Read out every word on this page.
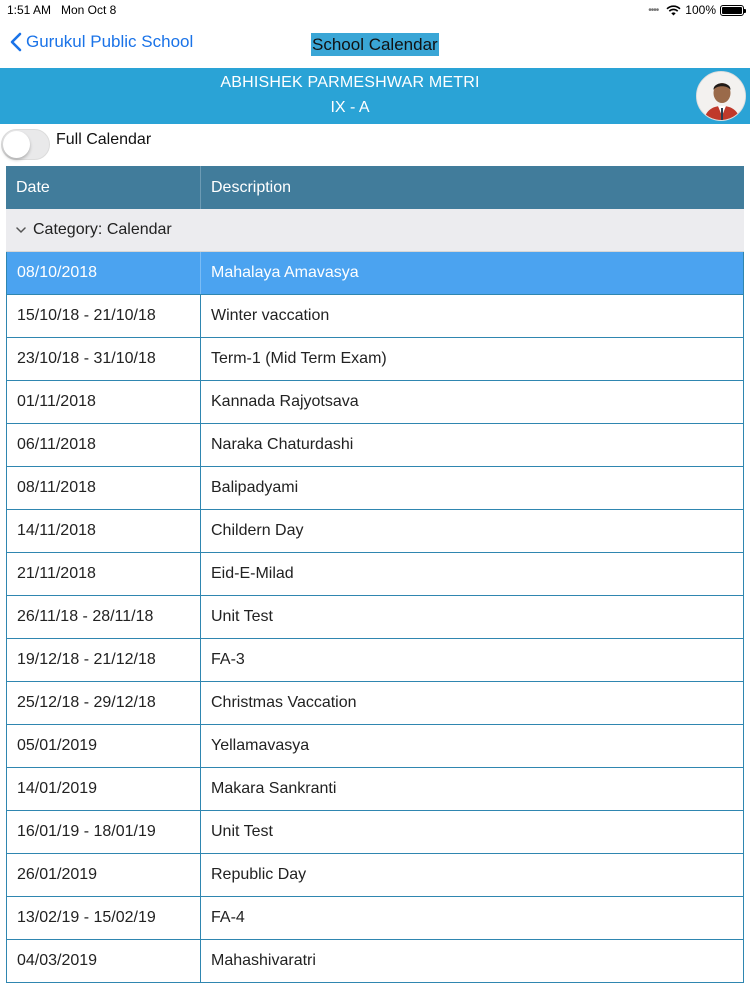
1:51 AM Mon Oct 8	•••• 100%
Gurukul Public School	School Calendar
ABHISHEK PARMESHWAR METRI
IX - A
Full Calendar
Date	Description
Category: Calendar
08/10/2018	Mahalaya Amavasya
15/10/18 - 21/10/18	Winter vaccation
23/10/18 - 31/10/18	Term-1 (Mid Term Exam)
01/11/2018	Kannada Rajyotsava
06/11/2018	Naraka Chaturdashi
08/11/2018	Balipadyami
14/11/2018	Childern Day
21/11/2018	Eid-E-Milad
26/11/18 - 28/11/18	Unit Test
19/12/18 - 21/12/18	FA-3
25/12/18 - 29/12/18	Christmas Vaccation
05/01/2019	Yellamavasya
14/01/2019	Makara Sankranti
16/01/19 - 18/01/19	Unit Test
26/01/2019	Republic Day
13/02/19 - 15/02/19	FA-4
04/03/2019	Mahashivaratri
